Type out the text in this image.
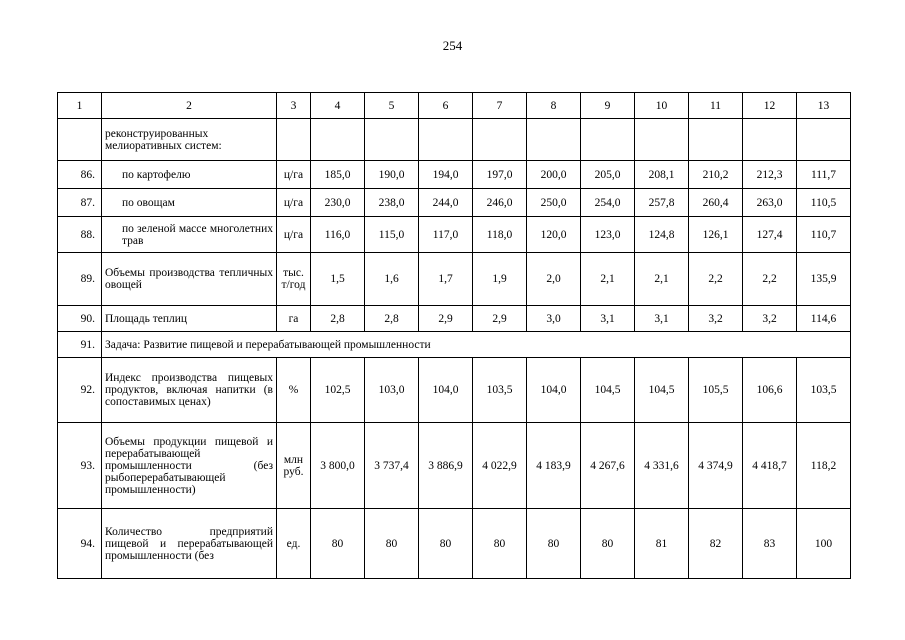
254
1	2	3	4	5	6	7	8	9	10	11	12	13
	реконструированных мелиоративных систем:											
86.	по картофелю	ц/га	185,0	190,0	194,0	197,0	200,0	205,0	208,1	210,2	212,3	111,7
87.	по овощам	ц/га	230,0	238,0	244,0	246,0	250,0	254,0	257,8	260,4	263,0	110,5
88.	по зеленой массе многолетних трав	ц/га	116,0	115,0	117,0	118,0	120,0	123,0	124,8	126,1	127,4	110,7
89.	Объемы производства тепличных овощей	тыс. т/год	1,5	1,6	1,7	1,9	2,0	2,1	2,1	2,2	2,2	135,9
90.	Площадь теплиц	га	2,8	2,8	2,9	2,9	3,0	3,1	3,1	3,2	3,2	114,6
91.	Задача: Развитие пищевой и перерабатывающей промышленности											
92.	Индекс производства пищевых продуктов, включая напитки (в сопоставимых ценах)	%	102,5	103,0	104,0	103,5	104,0	104,5	104,5	105,5	106,6	103,5
93.	Объемы продукции пищевой и перерабатывающей промышленности (без рыбоперерабатывающей промышленности)	млн руб.	3 800,0	3 737,4	3 886,9	4 022,9	4 183,9	4 267,6	4 331,6	4 374,9	4 418,7	118,2
94.	Количество предприятий пищевой и перерабатывающей промышленности (без	ед.	80	80	80	80	80	80	81	82	83	100
